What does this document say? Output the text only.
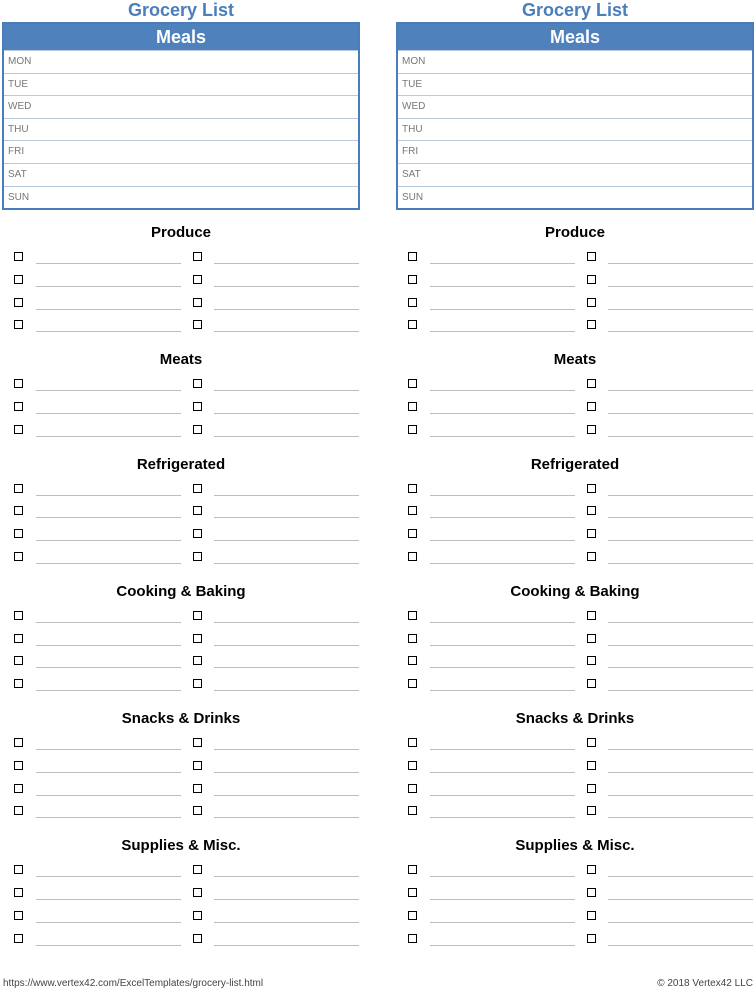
Grocery List
Meals
MON
TUE
WED
THU
FRI
SAT
SUN
Produce
Meats
Refrigerated
Cooking & Baking
Snacks & Drinks
Supplies & Misc.
Grocery List
Meals
MON
TUE
WED
THU
FRI
SAT
SUN
Produce
Meats
Refrigerated
Cooking & Baking
Snacks & Drinks
Supplies & Misc.
https://www.vertex42.com/ExcelTemplates/grocery-list.html	© 2018 Vertex42 LLC
